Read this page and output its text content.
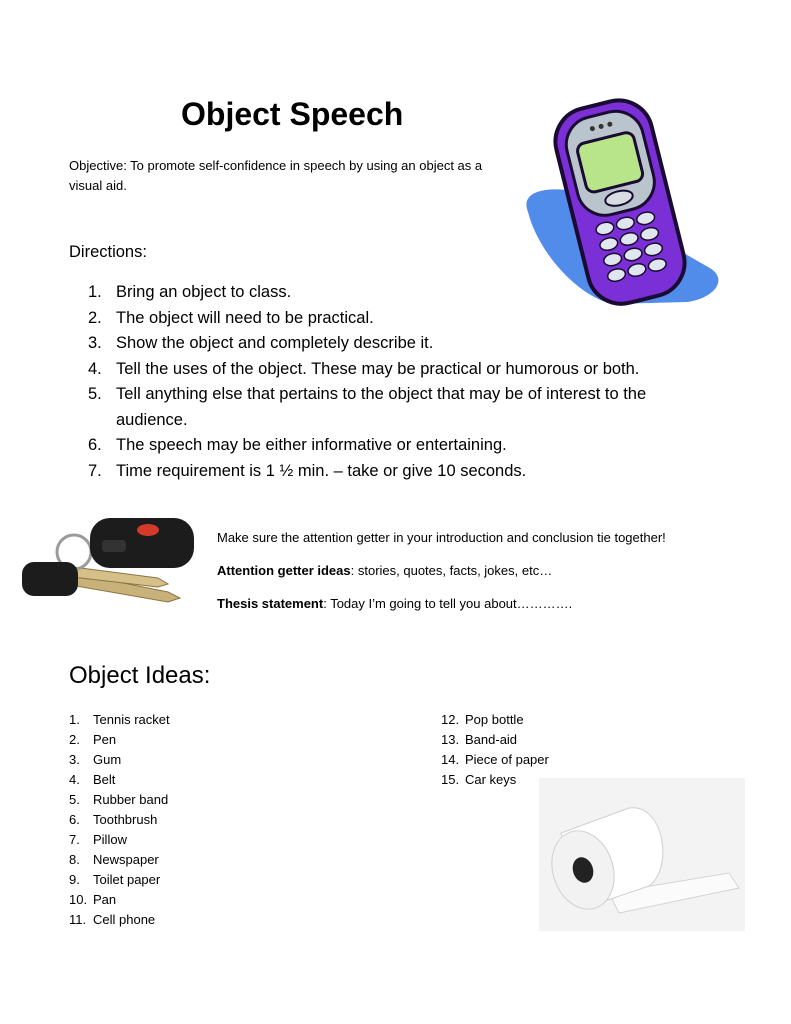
Object Speech
Objective: To promote self-confidence in speech by using an object as a visual aid.
Directions:
1. Bring an object to class.
2. The object will need to be practical.
3. Show the object and completely describe it.
4. Tell the uses of the object. These may be practical or humorous or both.
5. Tell anything else that pertains to the object that may be of interest to the audience.
6. The speech may be either informative or entertaining.
7. Time requirement is 1 ½ min. – take or give 10 seconds.

Make sure the attention getter in your introduction and conclusion tie together!

Attention getter ideas: stories, quotes, facts, jokes, etc…

Thesis statement: Today I’m going to tell you about………….

Object Ideas:
1.	Tennis racket
2.	Pen
3.	Gum
4.	Belt
5.	Rubber band
6.	Toothbrush
7.	Pillow
8.	Newspaper
9.	Toilet paper
10. Pan
11. Cell phone
12. Pop bottle
13. Band-aid
14. Piece of paper
15. Car keys
